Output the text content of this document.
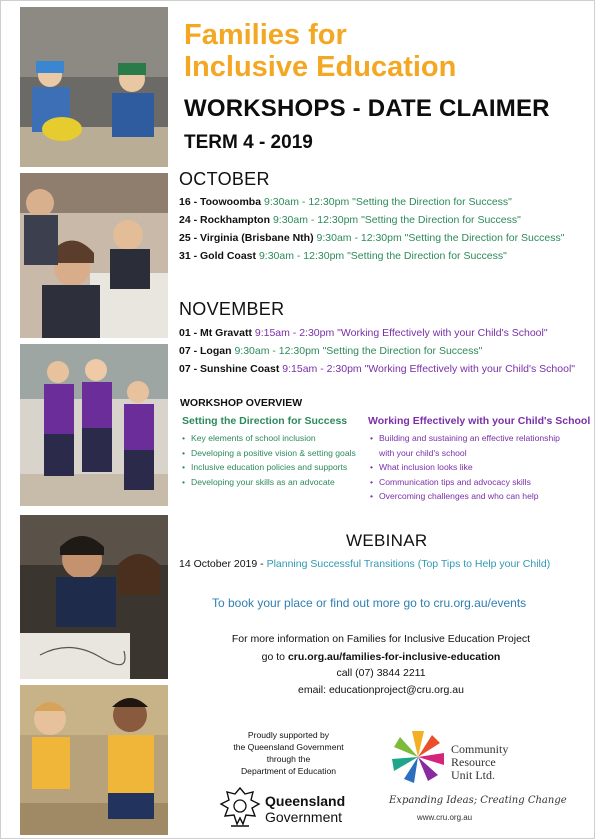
Families for
Inclusive Education
WORKSHOPS - DATE CLAIMER
TERM 4 - 2019
OCTOBER
16 - Toowoomba 9:30am - 12:30pm "Setting the Direction for Success"
24 - Rockhampton 9:30am - 12:30pm "Setting the Direction for Success"
25 - Virginia (Brisbane Nth) 9:30am - 12:30pm "Setting the Direction for Success"
31 - Gold Coast 9:30am - 12:30pm "Setting the Direction for Success"
NOVEMBER
01 - Mt Gravatt 9:15am - 2:30pm "Working Effectively with your Child's School"
07 - Logan 9:30am - 12:30pm "Setting the Direction for Success"
07 - Sunshine Coast 9:15am - 2:30pm "Working Effectively with your Child's School"
WORKSHOP OVERVIEW
Setting the Direction for Success Working Effectively with your Child's School
• Key elements of school inclusion
• Developing a positive vision & setting goals
• Inclusive education policies and supports
• Developing your skills as an advocate
• Building and sustaining an effective relationship
with your child's school
• What inclusion looks like
• Communication tips and advocacy skills
• Overcoming challenges and who can help
WEBINAR
14 October 2019 - Planning Successful Transitions (Top Tips to Help your Child)
To book your place or find out more go to cru.org.au/events
For more information on Families for Inclusive Education Project
go to cru.org.au/families-for-inclusive-education
call (07) 3844 2211
email: educationproject@cru.org.au
Proudly supported by
the Queensland Government
through the
Department of Education
Queensland
Government
Community
Resource
Unit Ltd.
Expanding Ideas; Creating Change
www.cru.org.au
